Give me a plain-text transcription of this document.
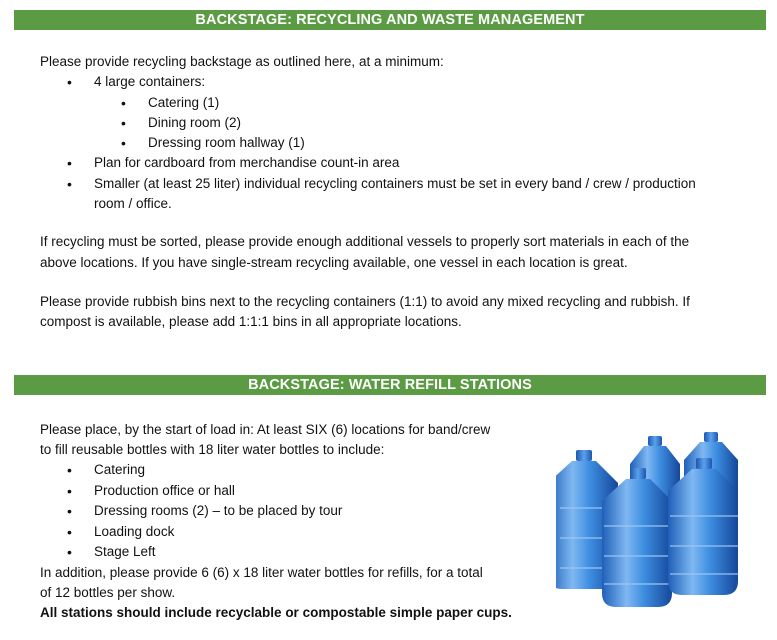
BACKSTAGE: RECYCLING AND WASTE MANAGEMENT
Please provide recycling backstage as outlined here, at a minimum:
• 4 large containers:
• Catering (1)
• Dining room (2)
• Dressing room hallway (1)
• Plan for cardboard from merchandise count-in area
• Smaller (at least 25 liter) individual recycling containers must be set in every band / crew / production
room / office.
If recycling must be sorted, please provide enough additional vessels to properly sort materials in each of the
above locations. If you have single-stream recycling available, one vessel in each location is great.
Please provide rubbish bins next to the recycling containers (1:1) to avoid any mixed recycling and rubbish. If
compost is available, please add 1:1:1 bins in all appropriate locations.
BACKSTAGE: WATER REFILL STATIONS
Please place, by the start of load in: At least SIX (6) locations for band/crew
to fill reusable bottles with 18 liter water bottles to include:
• Catering
• Production office or hall
• Dressing rooms (2) – to be placed by tour
• Loading dock
• Stage Left
In addition, please provide 6 (6) x 18 liter water bottles for refills, for a total
of 12 bottles per show.
All stations should include recyclable or compostable simple paper cups.
